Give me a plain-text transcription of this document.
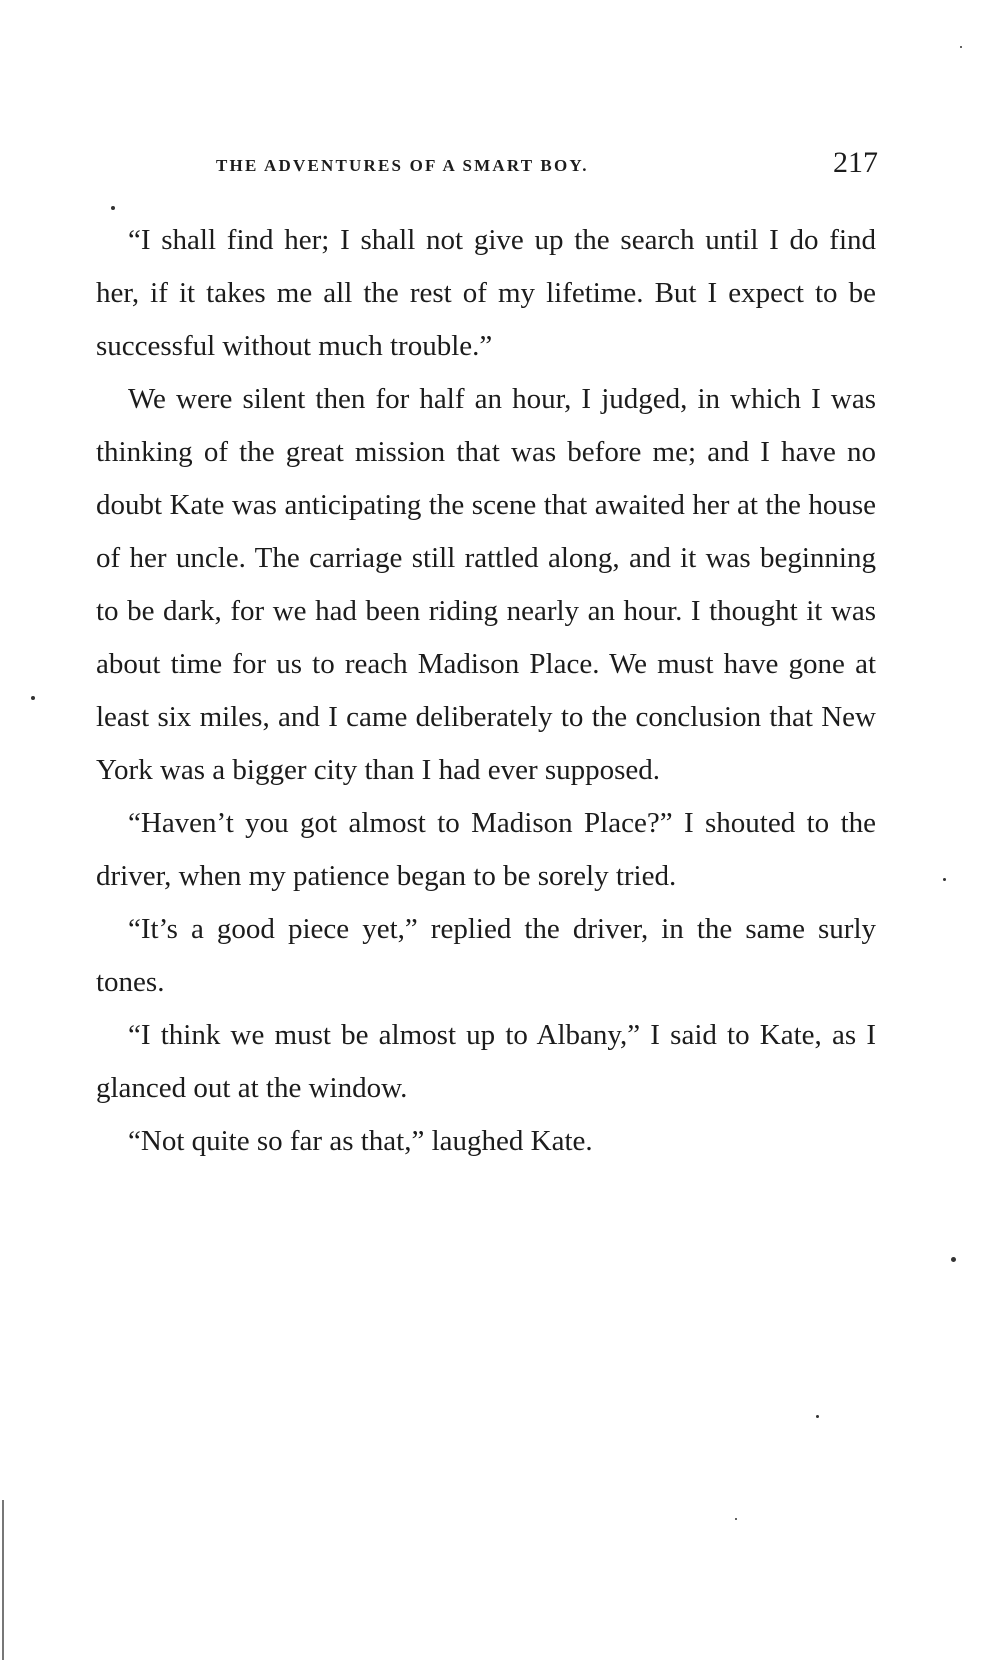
THE ADVENTURES OF A SMART BOY.	217

“I shall find her; I shall not give up the search until I do find her, if it takes me all the rest of my lifetime. But I expect to be successful without much trouble.”

We were silent then for half an hour, I judged, in which I was thinking of the great mission that was before me; and I have no doubt Kate was anticipating the scene that awaited her at the house of her uncle. The carriage still rattled along, and it was beginning to be dark, for we had been riding nearly an hour. I thought it was about time for us to reach Madison Place. We must have gone at least six miles, and I came deliberately to the conclusion that New York was a bigger city than I had ever supposed.

“Haven’t you got almost to Madison Place?” I shouted to the driver, when my patience began to be sorely tried.

“It’s a good piece yet,” replied the driver, in the same surly tones.

“I think we must be almost up to Albany,” I said to Kate, as I glanced out at the window.

“Not quite so far as that,” laughed Kate.
